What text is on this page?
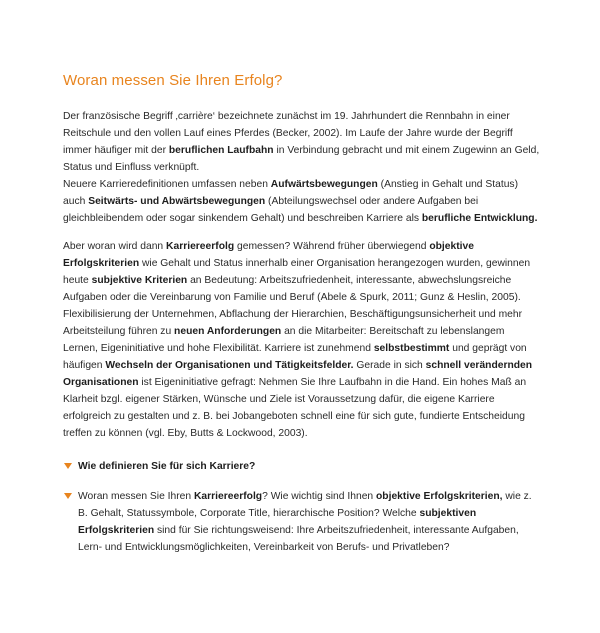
Woran messen Sie Ihren Erfolg?

Der französische Begriff ‚carrière‘ bezeichnete zunächst im 19. Jahrhundert die Rennbahn in einer Reitschule und den vollen Lauf eines Pferdes (Becker, 2002). Im Laufe der Jahre wurde der Begriff immer häufiger mit der beruflichen Laufbahn in Verbindung gebracht und mit einem Zugewinn an Geld, Status und Einfluss verknüpft.
Neuere Karrieredefinitionen umfassen neben Aufwärtsbewegungen (Anstieg in Gehalt und Status) auch Seitwärts- und Abwärtsbewegungen (Abteilungswechsel oder andere Aufgaben bei gleichbleibendem oder sogar sinkendem Gehalt) und beschreiben Karriere als berufliche Entwicklung.

Aber woran wird dann Karriereerfolg gemessen? Während früher überwiegend objektive Erfolgskriterien wie Gehalt und Status innerhalb einer Organisation herangezogen wurden, gewinnen heute subjektive Kriterien an Bedeutung: Arbeitszufriedenheit, interessante, abwechslungsreiche Aufgaben oder die Vereinbarung von Familie und Beruf (Abele & Spurk, 2011; Gunz & Heslin, 2005).
Flexibilisierung der Unternehmen, Abflachung der Hierarchien, Beschäftigungsunsicherheit und mehr Arbeitsteilung führen zu neuen Anforderungen an die Mitarbeiter: Bereitschaft zu lebenslangem Lernen, Eigeninitiative und hohe Flexibilität. Karriere ist zunehmend selbstbestimmt und geprägt von häufigen Wechseln der Organisationen und Tätigkeitsfelder. Gerade in sich schnell verändernden Organisationen ist Eigeninitiative gefragt: Nehmen Sie Ihre Laufbahn in die Hand. Ein hohes Maß an Klarheit bzgl. eigener Stärken, Wünsche und Ziele ist Voraussetzung dafür, die eigene Karriere erfolgreich zu gestalten und z. B. bei Jobangeboten schnell eine für sich gute, fundierte Entscheidung treffen zu können (vgl. Eby, Butts & Lockwood, 2003).

Wie definieren Sie für sich Karriere?
Woran messen Sie Ihren Karriereerfolg? Wie wichtig sind Ihnen objektive Erfolgskriterien, wie z. B. Gehalt, Statussymbole, Corporate Title, hierarchische Position? Welche subjektiven Erfolgskriterien sind für Sie richtungsweisend: Ihre Arbeitszufriedenheit, interessante Aufgaben, Lern- und Entwicklungsmöglichkeiten, Vereinbarkeit von Berufs- und Privatleben?
